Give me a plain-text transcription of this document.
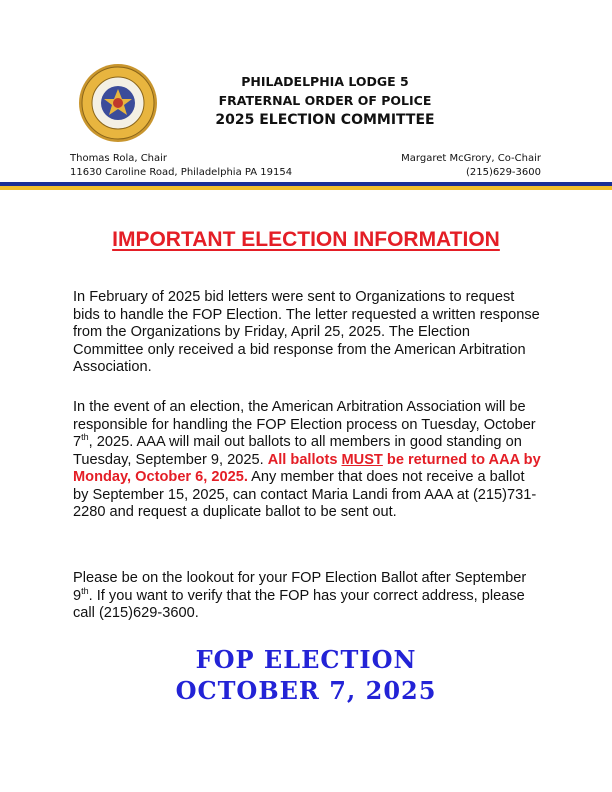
PHILADELPHIA LODGE 5
FRATERNAL ORDER OF POLICE
2025 ELECTION COMMITTEE
Thomas Rola, Chair
11630 Caroline Road, Philadelphia PA 19154
Margaret McGrory, Co-Chair
(215)629-3600
IMPORTANT ELECTION INFORMATION
In February of 2025 bid letters were sent to Organizations to request bids to handle the FOP Election. The letter requested a written response from the Organizations by Friday, April 25, 2025. The Election Committee only received a bid response from the American Arbitration Association.
In the event of an election, the American Arbitration Association will be responsible for handling the FOP Election process on Tuesday, October 7th, 2025. AAA will mail out ballots to all members in good standing on Tuesday, September 9, 2025. All ballots MUST be returned to AAA by Monday, October 6, 2025. Any member that does not receive a ballot by September 15, 2025, can contact Maria Landi from AAA at (215)731-2280 and request a duplicate ballot to be sent out.
Please be on the lookout for your FOP Election Ballot after September 9th. If you want to verify that the FOP has your correct address, please call (215)629-3600.
FOP ELECTION
OCTOBER 7, 2025
